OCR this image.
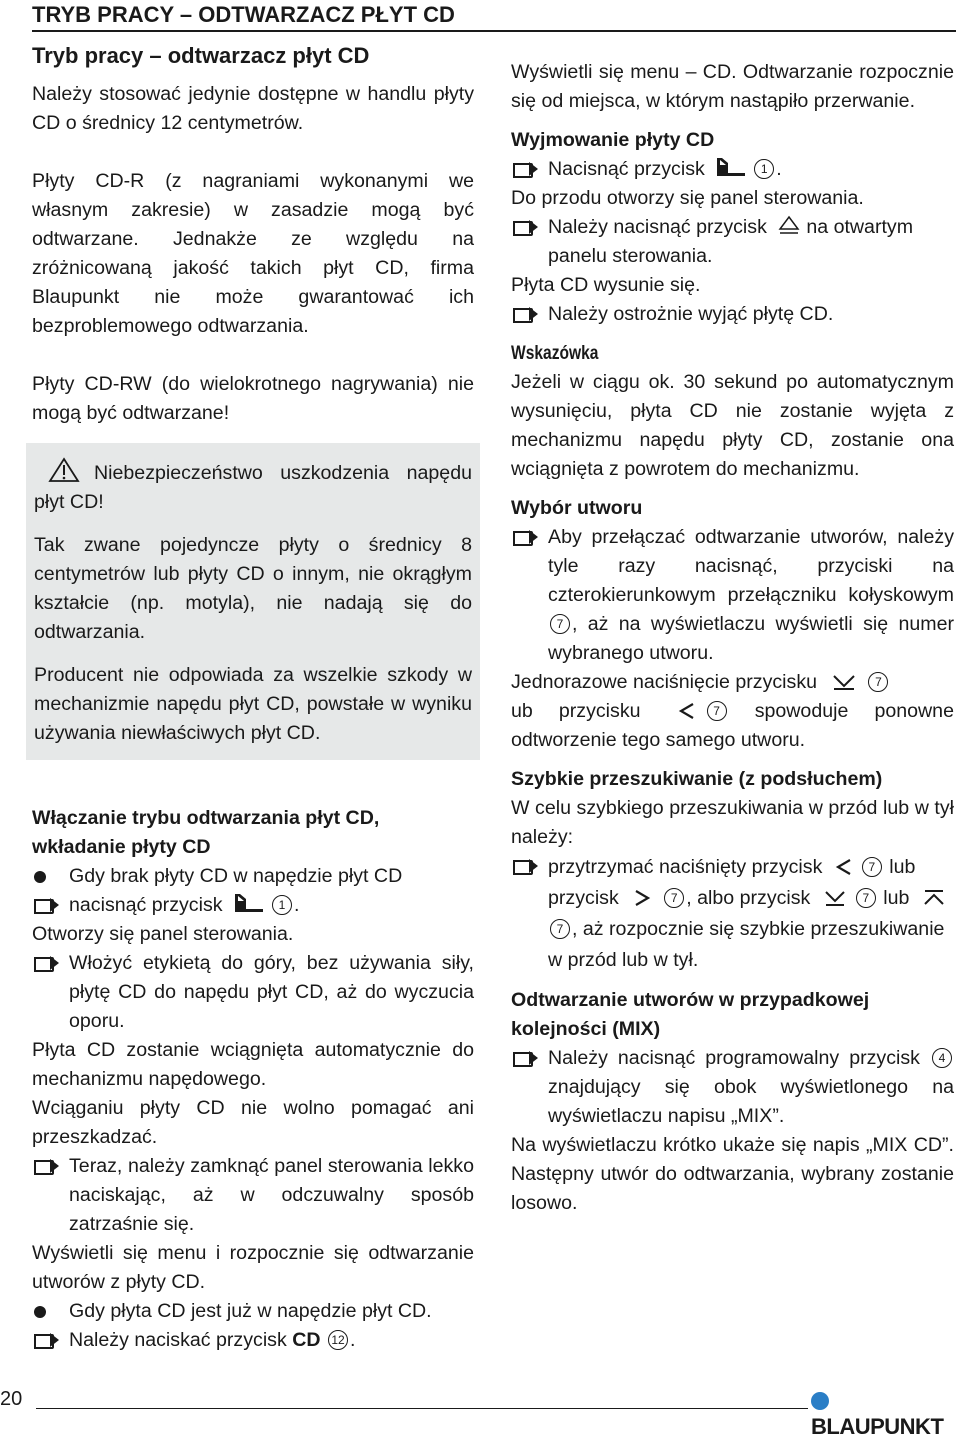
TRYB PRACY – ODTWARZACZ PŁYT CD
Tryb pracy – odtwarzacz płyt CD

Należy stosować jedynie dostępne w handlu płyty CD o średnicy 12 centymetrów.

Płyty CD-R (z nagraniami wykonanymi we własnym zakresie) w zasadzie mogą być odtwarzane. Jednakże ze względu na zróżnicowaną jakość takich płyt CD, firma Blaupunkt nie może gwarantować ich bezproblemowego odtwarzania.

Płyty CD-RW (do wielokrotnego nagrywania) nie mogą być odtwarzane!

Niebezpieczeństwo uszkodzenia napędu płyt CD!

Tak zwane pojedyncze płyty o średnicy 8 centymetrów lub płyty CD o innym, nie okrągłym kształcie (np. motyla), nie nadają się do odtwarzania.

Producent nie odpowiada za wszelkie szkody w mechanizmie napędu płyt CD, powstałe w wyniku używania niewłaściwych płyt CD.

Włączanie trybu odtwarzania płyt CD, wkładanie płyty CD
Gdy brak płyty CD w napędzie płyt CD
nacisnąć przycisk	1 .

Otworzy się panel sterowania.

Włożyć etykietą do góry, bez używania siły, płytę CD do napędu płyt CD, aż do wyczucia oporu.

Płyta CD zostanie wciągnięta automatycznie do mechanizmu napędowego.

Wciąganiu płyty CD nie wolno pomagać ani przeszkadzać.

Teraz, należy zamknąć panel sterowania lekko naciskając, aż w odczuwalny sposób zatrzaśnie się.

Wyświetli się menu i rozpocznie się odtwarzanie utworów z płyty CD.

Gdy płyta CD jest już w napędzie płyt CD.
Należy naciskać przycisk CD 12 .

Wyświetli się menu – CD. Odtwarzanie rozpocznie się od miejsca, w którym nastąpiło przerwanie.

Wyjmowanie płyty CD
Nacisnąć przycisk	1 .

Do przodu otworzy się panel sterowania.

Należy nacisnąć przycisk na otwartym panelu sterowania.

Płyta CD wysunie się.

Należy ostrożnie wyjąć płytę CD.

Wskazówka

Jeżeli w ciągu ok. 30 sekund po automatycznym wysunięciu, płyta CD nie zostanie wyjęta z mechanizmu napędu płyty CD, zostanie ona wciągnięta z powrotem do mechanizmu.

Wybór utworu
Aby przełączać odtwarzanie utworów, należy tyle razy nacisnąć, przyciski na czterokierunkowym przełączniku kołyskowym 7 , aż na wyświetlaczu wyświetli się numer wybranego utworu.

Jednorazowe naciśnięcie przycisku	7

ub przycisku	7 spowoduje ponowne odtworzenie tego samego utworu.

Szybkie przeszukiwanie (z podsłuchem)

W celu szybkiego przeszukiwania w przód lub w tył należy:

przytrzymać naciśnięty przycisk	7 lub przycisk	7 , albo przycisk	7 lub 7 , aż rozpocznie się szybkie przeszukiwanie w przód lub w tył.
Odtwarzanie utworów w przypadkowej kolejności (MIX)
Należy nacisnąć programowalny przycisk 4 znajdujący się obok wyświetlonego na wyświetlaczu napisu „MIX”.

Na wyświetlaczu krótko ukaże się napis „MIX CD”. Następny utwór do odtwarzania, wybrany zostanie losowo.

20
BLAUPUNKT
